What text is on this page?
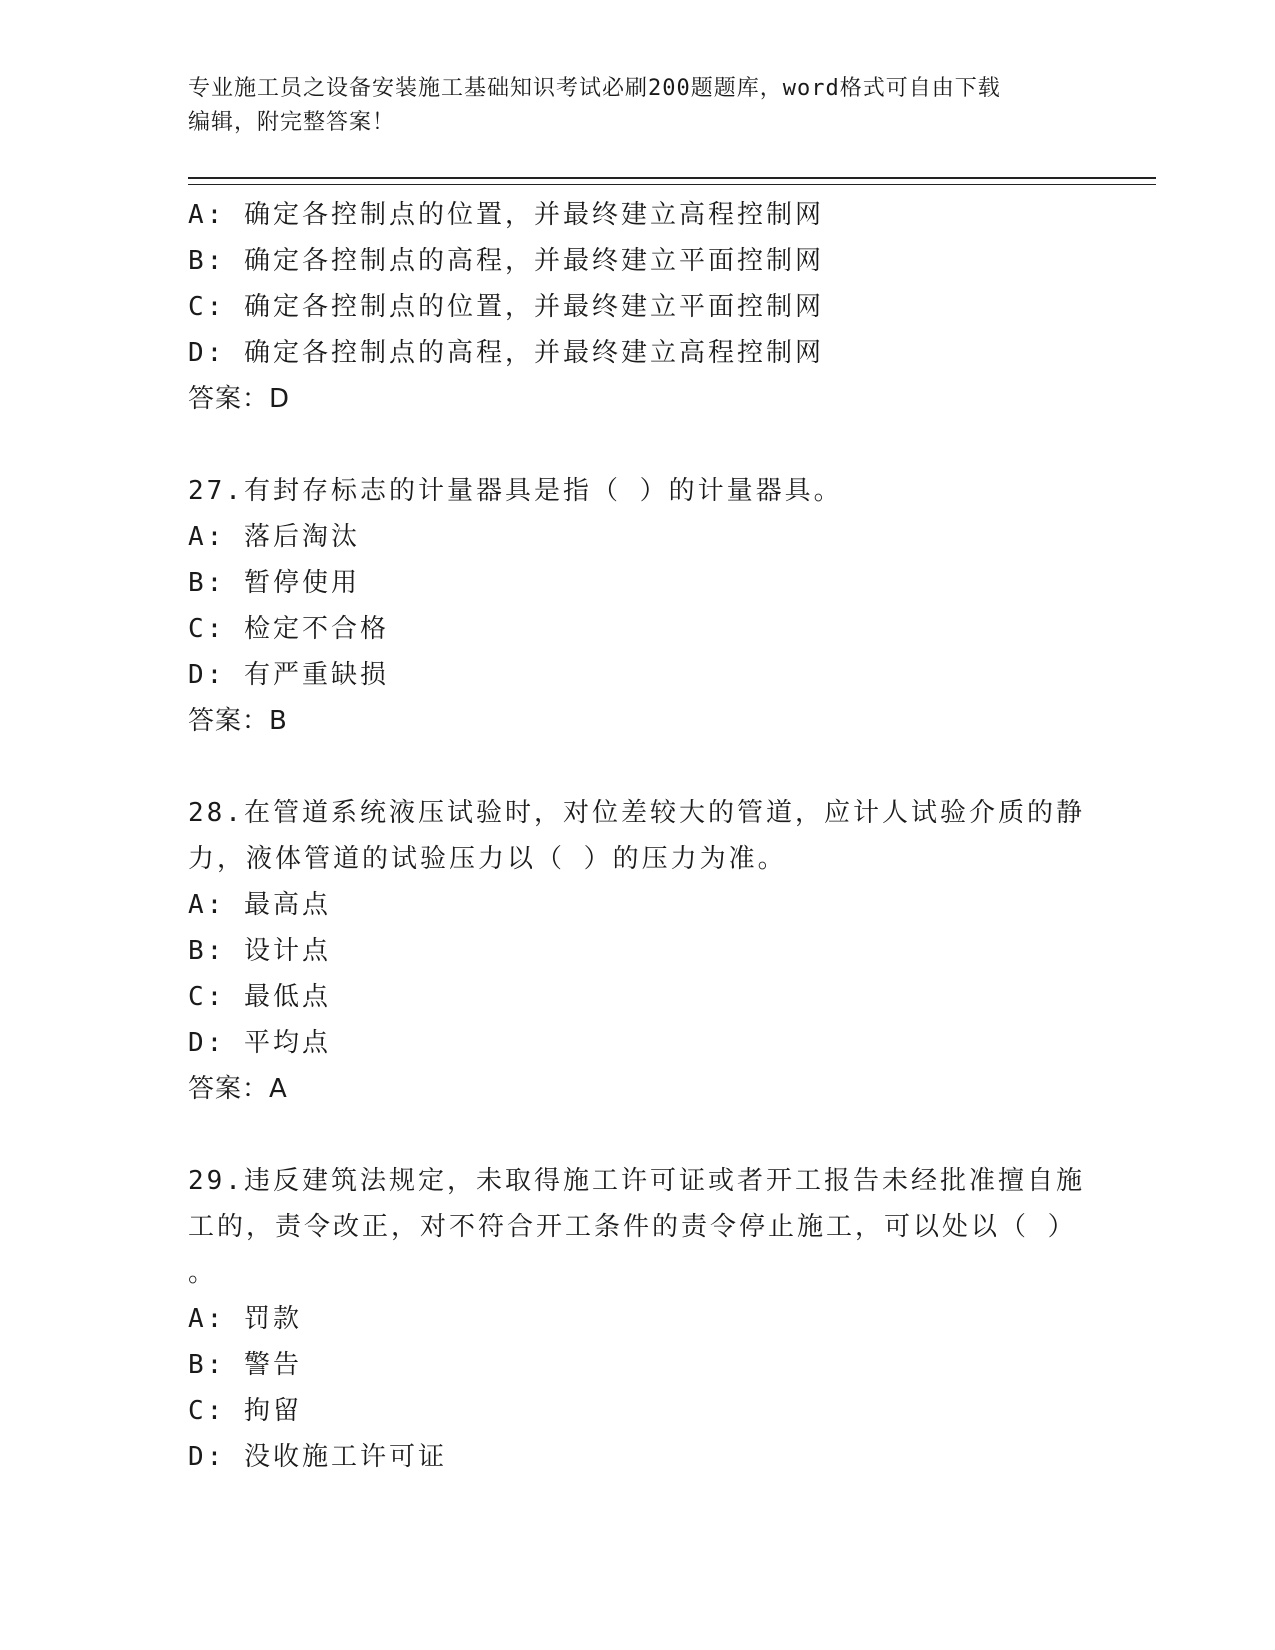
专业施工员之设备安装施工基础知识考试必刷200题题库，word格式可自由下载
编辑，附完整答案！
A: 确定各控制点的位置，并最终建立高程控制网
B: 确定各控制点的高程，并最终建立平面控制网
C: 确定各控制点的位置，并最终建立平面控制网
D: 确定各控制点的高程，并最终建立高程控制网
答案：D
27.有封存标志的计量器具是指（ ）的计量器具。
A: 落后淘汰
B: 暂停使用
C: 检定不合格
D: 有严重缺损
答案：B
28.在管道系统液压试验时，对位差较大的管道，应计人试验介质的静
力，液体管道的试验压力以（ ）的压力为准。
A: 最高点
B: 设计点
C: 最低点
D: 平均点
答案：A
29.违反建筑法规定，未取得施工许可证或者开工报告未经批准擅自施
工的，责令改正，对不符合开工条件的责令停止施工，可以处以（ ）
。
A: 罚款
B: 警告
C: 拘留
D: 没收施工许可证
